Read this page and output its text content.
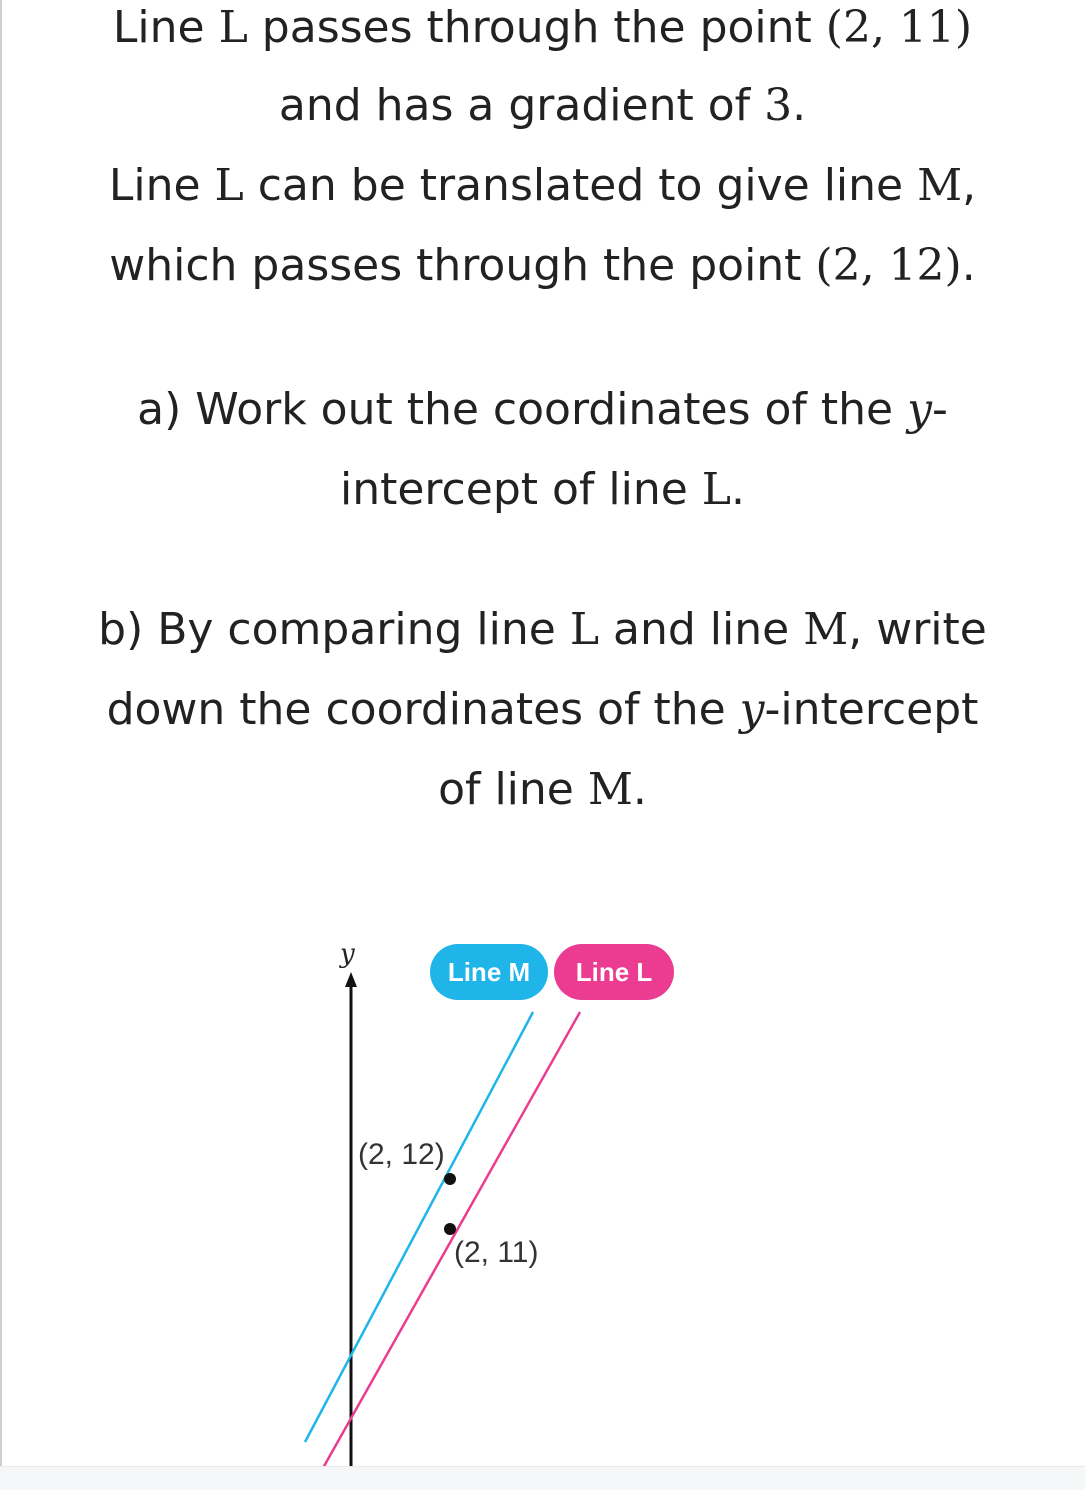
Line L passes through the point (2, 11)
and has a gradient of 3.
Line L can be translated to give line M,
which passes through the point (2, 12).
a) Work out the coordinates of the y-
intercept of line L.
b) By comparing line L and line M, write
down the coordinates of the y-intercept
of line M.
y
(2, 12)
(2, 11)
Line M	Line L
